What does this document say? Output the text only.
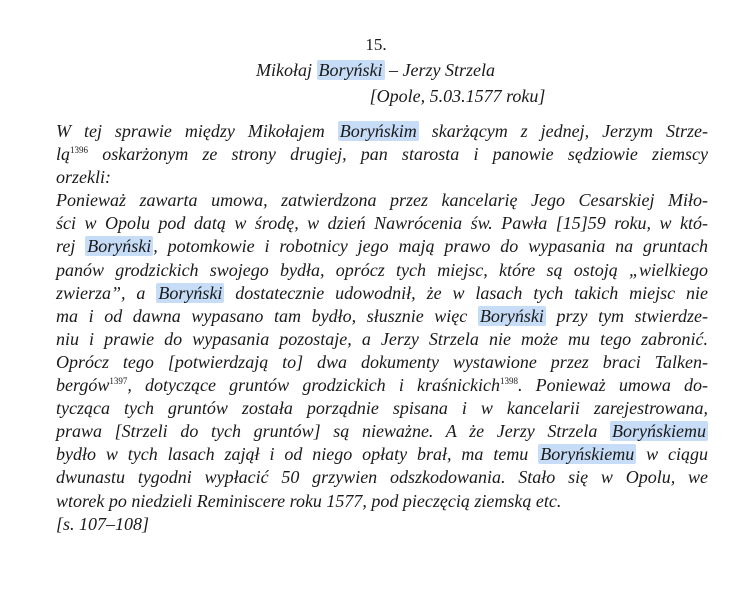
15.
Mikołaj Boryński – Jerzy Strzela
[Opole, 5.03.1577 roku]
W tej sprawie między Mikołajem Boryńskim skarżącym z jednej, Jerzym Strze-
$lą^{1396}$ oskarżonym ze strony drugiej, pan starosta i panowie sędziowie ziemscy
orzekli:
Ponieważ zawarta umowa, zatwierdzona przez kancelarię Jego Cesarskiej Miło-
ści w Opolu pod datą w środę, w dzień Nawrócenia św. Pawła [15]59 roku, w któ-
rej Boryński , potomkowie i robotnicy jego mają prawo do wypasania na gruntach
panów grodzickich swojego bydła, oprócz tych miejsc, które są ostoją „wielkiego
zwierza”, a Boryński dostatecznie udowodnił, że w lasach tych takich miejsc nie
ma i od dawna wypasano tam bydło, słusznie więc Boryński przy tym stwierdze-
niu i prawie do wypasania pozostaje, a Jerzy Strzela nie może mu tego zabronić.
Oprócz tego [potwierdzają to] dwa dokumenty wystawione przez braci Talken-
bergów$^{1397}$, dotyczące gruntów grodzickich i kraśnickich$^{1398}$. Ponieważ umowa do-
tycząca tych gruntów została porządnie spisana i w kancelarii zarejestrowana,
prawa [Strzeli do tych gruntów] są nieważne. A że Jerzy Strzela Boryńskiemu
bydło w tych lasach zajął i od niego opłaty brał, ma temu Boryńskiemu w ciągu
dwunastu tygodni wypłacić 50 grzywien odszkodowania. Stało się w Opolu, we
wtorek po niedzieli Reminiscere roku 1577, pod pieczęcią ziemską etc.
[s. 107–108]
